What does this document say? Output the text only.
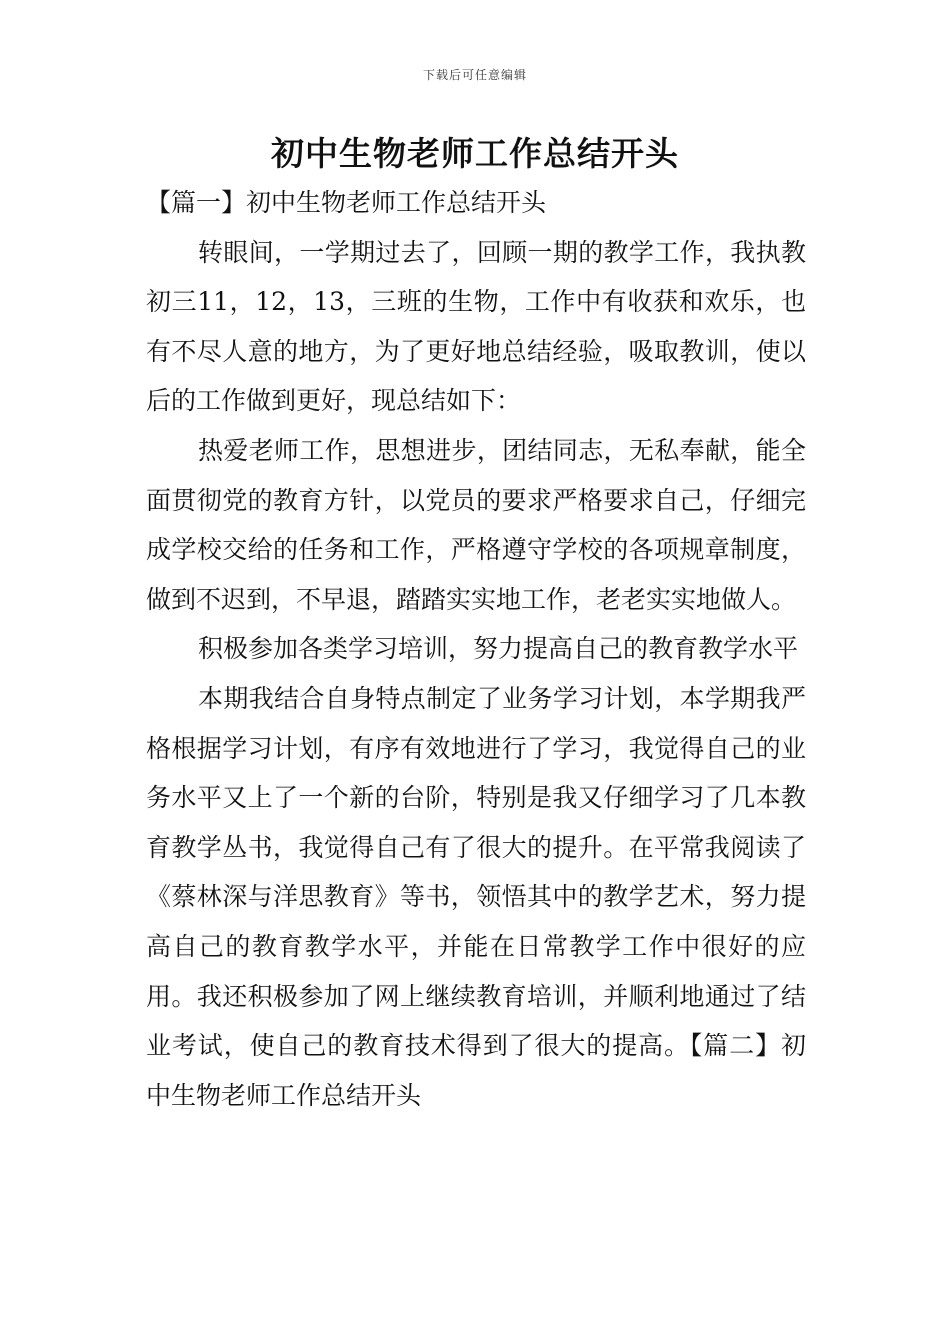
下载后可任意编辑
初中生物老师工作总结开头

【篇一】初中生物老师工作总结开头

转眼间，一学期过去了，回顾一期的教学工作，我执教初三11，12，13，三班的生物，工作中有收获和欢乐，也有不尽人意的地方，为了更好地总结经验，吸取教训，使以后的工作做到更好，现总结如下：

热爱老师工作，思想进步，团结同志，无私奉献，能全面贯彻党的教育方针，以党员的要求严格要求自己，仔细完成学校交给的任务和工作，严格遵守学校的各项规章制度，做到不迟到，不早退，踏踏实实地工作，老老实实地做人。

积极参加各类学习培训，努力提高自己的教育教学水平

本期我结合自身特点制定了业务学习计划，本学期我严格根据学习计划，有序有效地进行了学习，我觉得自己的业务水平又上了一个新的台阶，特别是我又仔细学习了几本教育教学丛书，我觉得自己有了很大的提升。在平常我阅读了《蔡林深与洋思教育》等书，领悟其中的教学艺术，努力提高自己的教育教学水平，并能在日常教学工作中很好的应用。我还积极参加了网上继续教育培训，并顺利地通过了结业考试，使自己的教育技术得到了很大的提高。【篇二】初中生物老师工作总结开头
